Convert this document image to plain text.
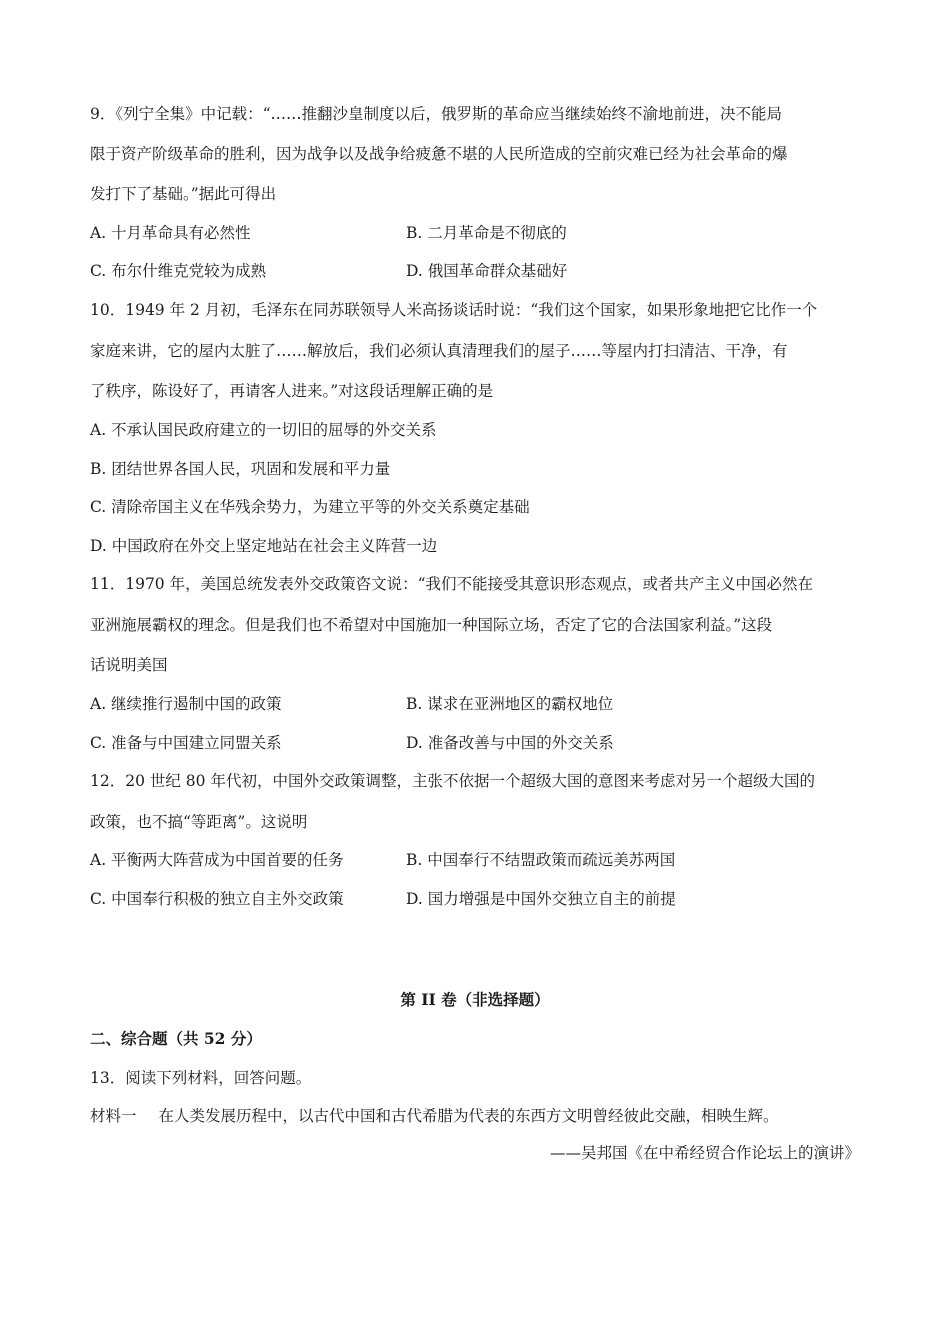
9．《列宁全集》中记载：“……推翻沙皇制度以后，俄罗斯的革命应当继续始终不渝地前进，决不能局
限于资产阶级革命的胜利，因为战争以及战争给疲惫不堪的人民所造成的空前灾难已经为社会革命的爆
发打下了基础。”据此可得出
A. 十月革命具有必然性	B. 二月革命是不彻底的
C. 布尔什维克党较为成熟	D. 俄国革命群众基础好
10．1949 年 2 月初，毛泽东在同苏联领导人米高扬谈话时说：“我们这个国家，如果形象地把它比作一个
家庭来讲，它的屋内太脏了……解放后，我们必须认真清理我们的屋子……等屋内打扫清洁、干净，有
了秩序，陈设好了，再请客人进来。”对这段话理解正确的是
A. 不承认国民政府建立的一切旧的屈辱的外交关系
B. 团结世界各国人民，巩固和发展和平力量
C. 清除帝国主义在华残余势力，为建立平等的外交关系奠定基础
D. 中国政府在外交上坚定地站在社会主义阵营一边
11．1970 年，美国总统发表外交政策咨文说：“我们不能接受其意识形态观点，或者共产主义中国必然在
亚洲施展霸权的理念。但是我们也不希望对中国施加一种国际立场，否定了它的合法国家利益。”这段
话说明美国
A. 继续推行遏制中国的政策	B. 谋求在亚洲地区的霸权地位
C. 准备与中国建立同盟关系	D. 准备改善与中国的外交关系
12．20 世纪 80 年代初，中国外交政策调整，主张不依据一个超级大国的意图来考虑对另一个超级大国的
政策，也不搞“等距离”。这说明
A. 平衡两大阵营成为中国首要的任务	B. 中国奉行不结盟政策而疏远美苏两国
C. 中国奉行积极的独立自主外交政策	D. 国力增强是中国外交独立自主的前提
第 II 卷（非选择题）
二、综合题（共 52 分）
13．阅读下列材料，回答问题。
材料一 在人类发展历程中，以古代中国和古代希腊为代表的东西方文明曾经彼此交融，相映生辉。
——吴邦国《在中希经贸合作论坛上的演讲》
